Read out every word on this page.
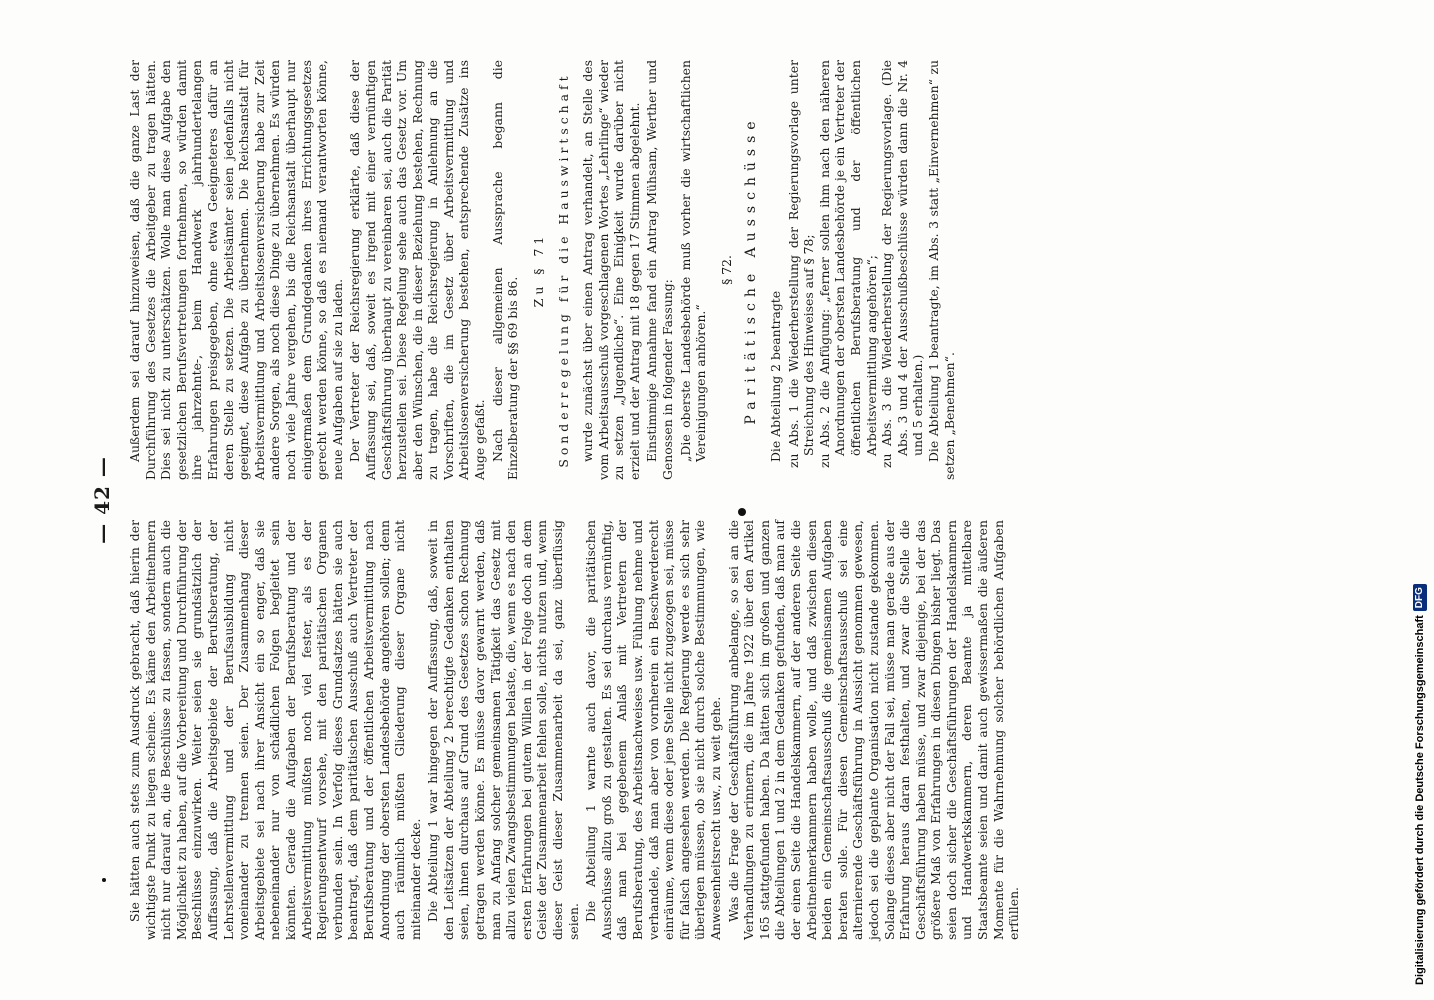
— 42 —

Sie hätten auch stets zum Ausdruck gebracht, daß hierin der wichtigste Punkt zu liegen scheine. Es käme den Arbeitnehmern nicht nur darauf an, die Beschlüsse zu fassen, sondern auch die Möglichkeit zu haben, auf die Vorbereitung und Durchführung der Beschlüsse einzuwirken. Weiter seien sie grundsätzlich der Auffassung, daß die Arbeitsgebiete der Berufsberatung, der Lehrstellenvermittlung und der Berufsausbildung nicht voneinander zu trennen seien. Der Zusammenhang dieser Arbeitsgebiete sei nach ihrer Ansicht ein so enger, daß sie nebeneinander nur von schädlichen Folgen begleitet sein könnten. Gerade die Aufgaben der Berufsberatung und der Arbeitsvermittlung müßten noch viel fester, als es der Regierungsentwurf vorsehe, mit den paritätischen Organen verbunden sein. In Verfolg dieses Grundsatzes hätten sie auch beantragt, daß dem paritätischen Ausschuß auch Vertreter der Berufsberatung und der öffentlichen Arbeitsvermittlung nach Anordnung der obersten Landesbehörde angehören sollen; denn auch räumlich müßten Gliederung dieser Organe nicht miteinander decke. Die Abteilung 1 war hingegen der Auffassung, daß, soweit in den Leitsätzen der Abteilung 2 berechtigte Gedanken enthalten seien, ihnen durchaus auf Grund des Gesetzes schon Rechnung getragen werden könne. Es müsse davor gewarnt werden, daß man zu Anfang solcher gemeinsamen Tätigkeit das Gesetz mit allzu vielen Zwangsbestimmungen belaste, die, wenn es nach den ersten Erfahrungen bei gutem Willen in der Folge doch an dem Geiste der Zusammenarbeit fehlen solle, nichts nutzen und, wenn dieser Geist dieser Zusammenarbeit da sei, ganz überflüssig seien. Die Abteilung 1 warnte auch davor, die paritätischen Ausschüsse allzu groß zu gestalten. Es sei durchaus vernünftig, daß man bei gegebenem Anlaß mit Vertretern der Berufsberatung, des Arbeitsnachweises usw. Fühlung nehme und verhandele, daß man aber von vornherein ein Beschwerderecht einräume, wenn diese oder jene Stelle nicht zugezogen sei, müsse für falsch angesehen werden. Die Regierung werde es sich sehr überlegen müssen, ob sie nicht durch solche Bestimmungen, wie Anwesenheitsrecht usw., zu weit gehe. Was die Frage der Geschäftsführung anbelange, so sei an die Verhandlungen zu erinnern, die im Jahre 1922 über den Artikel 165 stattgefunden haben. Da hätten sich im großen und ganzen die Abteilungen 1 und 2 in dem Gedanken gefunden, daß man auf der einen Seite die Handelskammern, auf der anderen Seite die Arbeitnehmerkammern haben wolle, und daß zwischen diesen beiden ein Gemeinschaftsausschuß die gemeinsamen Aufgaben beraten solle. Für diesen Gemeinschaftsausschuß sei eine alternierende Geschäftsführung in Aussicht genommen gewesen, jedoch sei die geplante Organisation nicht zustande gekommen. Solange dieses aber nicht der Fall sei, müsse man gerade aus der Erfahrung heraus daran festhalten, und zwar die Stelle die Geschäftsführung haben müsse, und zwar diejenige, bei der das größere Maß von Erfahrungen in diesen Dingen bisher liegt. Das seien doch sicher die Geschäftsführungen der Handelskammern und Handwerkskammern, deren Beamte ja mittelbare Staatsbeamte seien und damit auch gewissermaßen die äußeren Momente für die Wahrnehmung solcher behördlichen Aufgaben erfüllen.

Außerdem sei darauf hinzuweisen, daß die ganze Last der Durchführung des Gesetzes die Arbeitgeber zu tragen hätten. Dies sei nicht zu unterschätzen. Wolle man diese Aufgabe den gesetzlichen Berufsvertretungen fortnehmen, so würden damit ihre jahrzehnte-, beim Handwerk jahrhundertelangen Erfahrungen preisgegeben, ohne etwa Geeigneteres dafür an deren Stelle zu setzen. Die Arbeitsämter seien jedenfalls nicht geeignet, diese Aufgabe zu übernehmen. Die Reichsanstalt für Arbeitsvermittlung und Arbeitslosenversicherung habe zur Zeit andere Sorgen, als noch diese Dinge zu übernehmen. Es würden noch viele Jahre vergehen, bis die Reichsanstalt überhaupt nur einigermaßen dem Grundgedanken ihres Errichtungsgesetzes gerecht werden könne, so daß es niemand verantworten könne, neue Aufgaben auf sie zu laden. Der Vertreter der Reichsregierung erklärte, daß diese der Auffassung sei, daß, soweit es irgend mit einer vernünftigen Geschäftsführung überhaupt zu vereinbaren sei, auch die Parität herzustellen sei. Diese Regelung sehe auch das Gesetz vor. Um aber den Wünschen, die in dieser Beziehung bestehen, Rechnung zu tragen, habe die Reichsregierung in Anlehnung an die Vorschriften, die im Gesetz über Arbeitsvermittlung und Arbeitslosenversicherung bestehen, entsprechende Zusätze ins Auge gefaßt. Nach dieser allgemeinen Aussprache begann die Einzelberatung der §§ 69 bis 86.

Zu § 71 Sonderregelung für die Hauswirtschaft wurde zunächst über einen Antrag verhandelt, an Stelle des vom Arbeitsausschuß vorgeschlagenen Wortes „Lehrlinge“ wieder zu setzen „Jugendliche“. Eine Einigkeit wurde darüber nicht erzielt und der Antrag mit 18 gegen 17 Stimmen abgelehnt. Einstimmige Annahme fand ein Antrag Mühsam, Werther und Genossen in folgender Fassung: „Die oberste Landesbehörde muß vorher die wirtschaftlichen Vereinigungen anhören.“

§ 72. Paritätische Ausschüsse Die Abteilung 2 beantragte zu Abs. 1 die Wiederherstellung der Regierungsvorlage unter Streichung des Hinweises auf § 78; zu Abs. 2 die Anfügung: „ferner sollen ihm nach den näheren Anordnungen der obersten Landesbehörde je ein Vertreter der öffentlichen Berufsberatung und der öffentlichen Arbeitsvermittlung angehören“; zu Abs. 3 die Wiederherstellung der Regierungsvorlage. (Die Abs. 3 und 4 der Ausschußbeschlüsse würden dann die Nr. 4 und 5 erhalten.) Die Abteilung 1 beantragte, im Abs. 3 statt „Einvernehmen“ zu setzen „Benehmen“.

Digitalisierung gefördert durch die Deutsche Forschungsgemeinschaft
DFG
